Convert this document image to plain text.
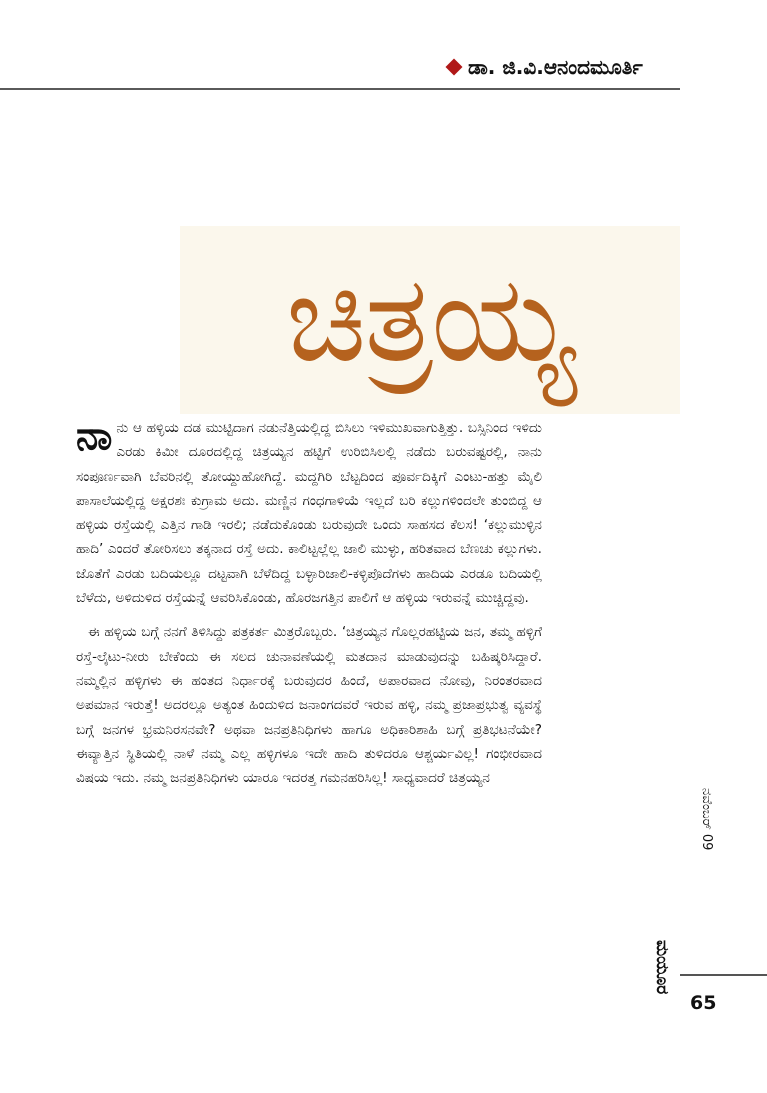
ಡಾ. ಜಿ.ವಿ.ಆನಂದಮೂರ್ತಿ
ಚಿತ್ರಯ್ಯ

ನಾನು ಆ ಹಳ್ಳಿಯ ದಡ ಮುಟ್ಟಿದಾಗ ನಡುನೆತ್ತಿಯಲ್ಲಿದ್ದ ಬಿಸಿಲು ಇಳಿಮುಖವಾಗುತ್ತಿತ್ತು. ಬಸ್ಸಿನಿಂದ ಇಳಿದು ಎರಡು ಕಿಮೀ ದೂರದಲ್ಲಿದ್ದ ಚಿತ್ರಯ್ಯನ ಹಟ್ಟಿಗೆ ಉರಿಬಿಸಿಲಲ್ಲಿ ನಡೆದು ಬರುವಷ್ಟರಲ್ಲಿ, ನಾನು ಸಂಪೂರ್ಣವಾಗಿ ಬೆವರಿನಲ್ಲಿ ತೋಯ್ದುಹೋಗಿದ್ದೆ. ಮದ್ದಗಿರಿ ಬೆಟ್ಟದಿಂದ ಪೂರ್ವದಿಕ್ಕಿಗೆ ಎಂಟು-ಹತ್ತು ಮೈಲಿ ಪಾಸಾಲೆಯಲ್ಲಿದ್ದ ಅಕ್ಷರಶಃ ಕುಗ್ರಾಮ ಅದು. ಮಣ್ಣಿನ ಗಂಧಗಾಳಿಯೆ ಇಲ್ಲದೆ ಬರಿ ಕಲ್ಲುಗಳಿಂದಲೇ ತುಂಬಿದ್ದ ಆ ಹಳ್ಳಿಯ ರಸ್ತೆಯಲ್ಲಿ ಎತ್ತಿನ ಗಾಡಿ ಇರಲಿ; ನಡೆದುಕೊಂಡು ಬರುವುದೇ ಒಂದು ಸಾಹಸದ ಕೆಲಸ! ‘ಕಲ್ಲುಮುಳ್ಳಿನ ಹಾದಿ’ ಎಂದರೆ ತೋರಿಸಲು ತಕ್ಕನಾದ ರಸ್ತೆ ಅದು. ಕಾಲಿಟ್ಟಲ್ಲೆಲ್ಲ ಜಾಲಿ ಮುಳ್ಳು, ಹರಿತವಾದ ಬೆಣಚು ಕಲ್ಲುಗಳು. ಜೊತೆಗೆ ಎರಡು ಬದಿಯಲ್ಲೂ ದಟ್ಟವಾಗಿ ಬೆಳೆದಿದ್ದ ಬಳ್ಳಾರಿಜಾಲಿ-ಕಳ್ಳಿಪೊದೆಗಳು ಹಾದಿಯ ಎರಡೂ ಬದಿಯಲ್ಲಿ ಬೆಳೆದು, ಅಳಿದುಳಿದ ರಸ್ತೆಯನ್ನೆ ಆವರಿಸಿಕೊಂಡು, ಹೊರಜಗತ್ತಿನ ಪಾಲಿಗೆ ಆ ಹಳ್ಳಿಯ ಇರುವನ್ನೆ ಮುಚ್ಚಿದ್ದವು.

ಈ ಹಳ್ಳಿಯ ಬಗ್ಗೆ ನನಗೆ ತಿಳಿಸಿದ್ದು ಪತ್ರಕರ್ತ ಮಿತ್ರರೊಬ್ಬರು. ‘ಚಿತ್ರಯ್ಯನ ಗೊಲ್ಲರಹಟ್ಟಿಯ ಜನ, ತಮ್ಮ ಹಳ್ಳಿಗೆ ರಸ್ತೆ-ಲೈಟು-ನೀರು ಬೇಕೆಂದು ಈ ಸಲದ ಚುನಾವಣೆಯಲ್ಲಿ ಮತದಾನ ಮಾಡುವುದನ್ನು ಬಹಿಷ್ಕರಿಸಿದ್ದಾರೆ. ನಮ್ಮಲ್ಲಿನ ಹಳ್ಳಿಗಳು ಈ ಹಂತದ ನಿರ್ಧಾರಕ್ಕೆ ಬರುವುದರ ಹಿಂದೆ, ಅಪಾರವಾದ ನೋವು, ನಿರಂತರವಾದ ಅಪಮಾನ ಇರುತ್ತೆ! ಅದರಲ್ಲೂ ಅತ್ಯಂತ ಹಿಂದುಳಿದ ಜನಾಂಗದವರೆ ಇರುವ ಹಳ್ಳಿ, ನಮ್ಮ ಪ್ರಜಾಪ್ರಭುತ್ವ ವ್ಯವಸ್ಥೆ ಬಗ್ಗೆ ಜನಗಳ ಭ್ರಮನಿರಸನವೇ? ಅಥವಾ ಜನಪ್ರತಿನಿಧಿಗಳು ಹಾಗೂ ಅಧಿಕಾರಿಶಾಹಿ ಬಗ್ಗೆ ಪ್ರತಿಭಟನೆಯೇ? ಈವ್ಯಾತ್ತಿನ ಸ್ಥಿತಿಯಲ್ಲಿ ನಾಳೆ ನಮ್ಮ ಎಲ್ಲ ಹಳ್ಳಿಗಳೂ ಇದೇ ಹಾದಿ ತುಳಿದರೂ ಆಶ್ಚರ್ಯವಿಲ್ಲ! ಗಂಭೀರವಾದ ವಿಷಯ ಇದು. ನಮ್ಮ ಜನಪ್ರತಿನಿಧಿಗಳು ಯಾರೂ ಇದರತ್ತ ಗಮನಹರಿಸಿಲ್ಲ! ಸಾಧ್ಯವಾದರೆ ಚಿತ್ರಯ್ಯನ

ನವೆಂಬರ್ 09
ಮಯೂರ
65
